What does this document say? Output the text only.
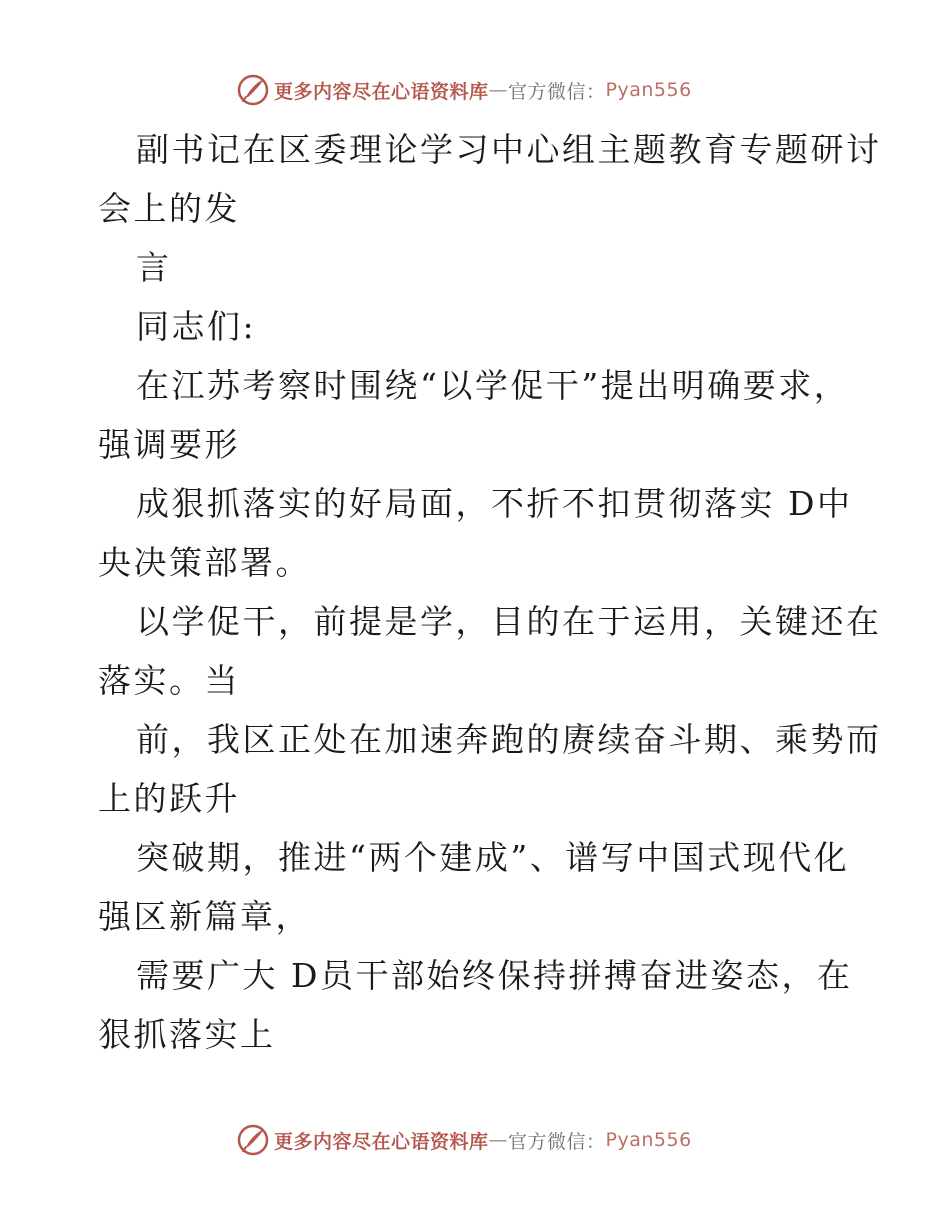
更多内容尽在心语资料库 — 官方微信： Pyan556
副书记在区委理论学习中心组主题教育专题研讨
会上的发
言
同志们:
在江苏考察时围绕“以学促干”提出明确要求，
强调要形
成狠抓落实的好局面，不折不扣贯彻落实 D中
央决策部署。
以学促干，前提是学，目的在于运用，关键还在
落实。当
前，我区正处在加速奔跑的赓续奋斗期、乘势而
上的跃升
突破期，推进“两个建成”、谱写中国式现代化
强区新篇章，
需要广大 D员干部始终保持拼搏奋进姿态，在
狠抓落实上
更多内容尽在心语资料库 — 官方微信： Pyan556
